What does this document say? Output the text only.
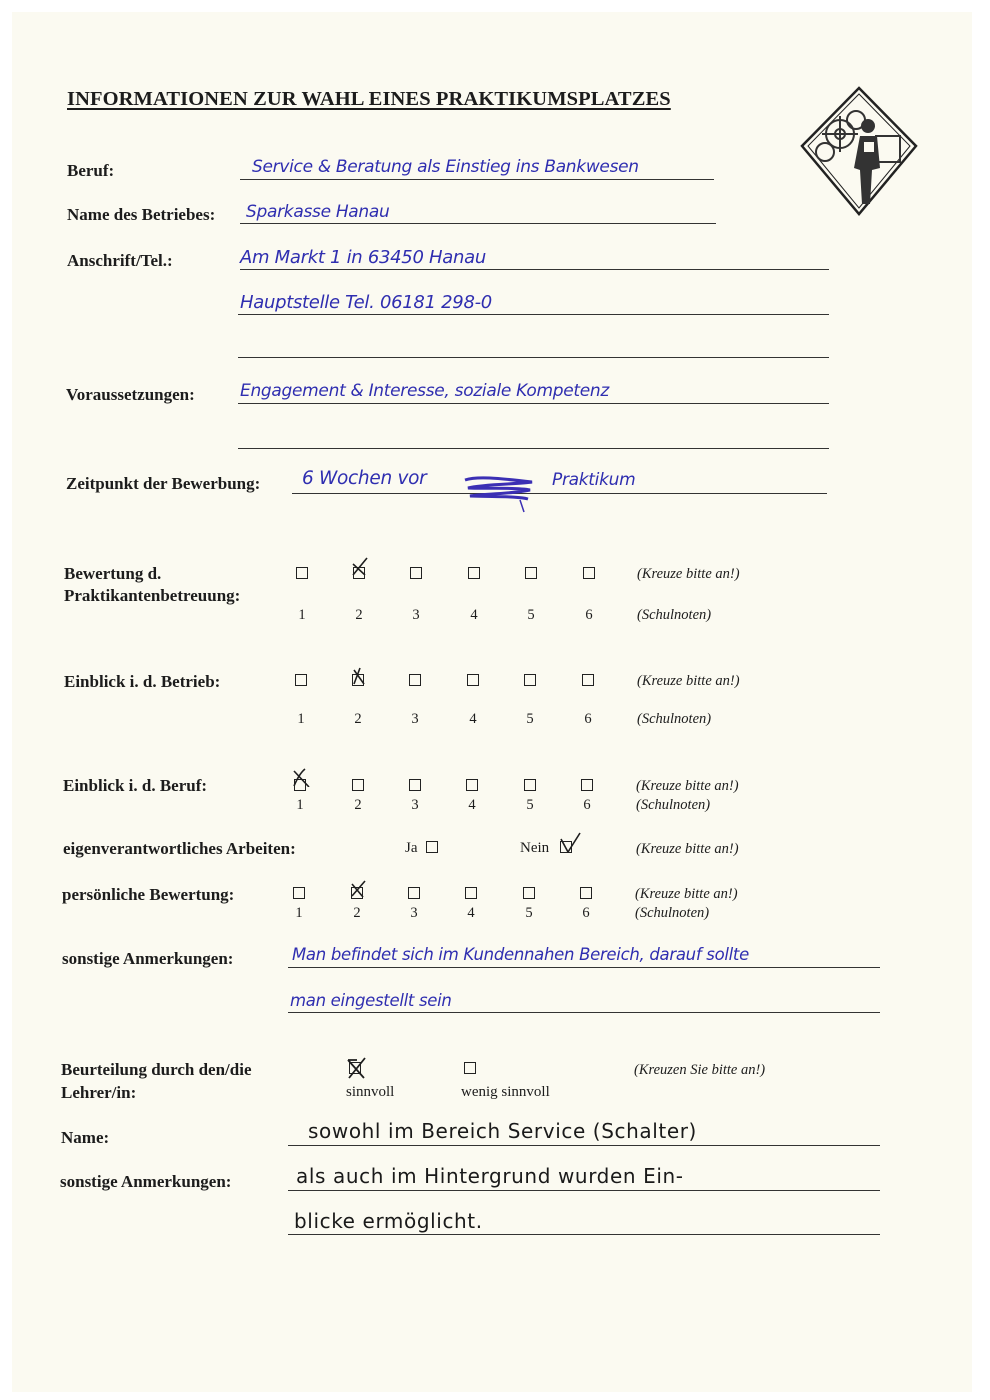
INFORMATIONEN ZUR WAHL EINES PRAKTIKUMSPLATZES
Beruf:	Service & Beratung als Einstieg ins Bankwesen
Name des Betriebes: Sparkasse Hanau
Anschrift/Tel.:	Am Markt 1 in 63450 Hanau
Hauptstelle Tel. 06181 298-0
Voraussetzungen:	Engagement & Interesse, soziale Kompetenz
Zeitpunkt der Bewerbung: 6 Wochen vor	Praktikum
Bewertung d.
Praktikantenbetreuung:
(Kreuze bitte an!)
1	2	3	4	5	6	(Schulnoten)
Einblick i. d. Betrieb:	(Kreuze bitte an!)
1	2	3	4	5	6	(Schulnoten)
Einblick i. d. Beruf:	(Kreuze bitte an!)
1	2	3	4	5	6	(Schulnoten)
eigenverantwortliches Arbeiten:	Ja	Nein	(Kreuze bitte an!)
persönliche Bewertung:	(Kreuze bitte an!)
1	2	3	4	5	6	(Schulnoten)
sonstige Anmerkungen:	Man befindet sich im Kundennahen Bereich, darauf sollte
man eingestellt sein
Beurteilung durch den/die
Lehrer/in:	sinnvoll	wenig sinnvoll
(Kreuzen Sie bitte an!)
Name:	sowohl im Bereich Service (Schalter)
sonstige Anmerkungen:	als auch im Hintergrund wurden Ein-
blicke ermöglicht.
